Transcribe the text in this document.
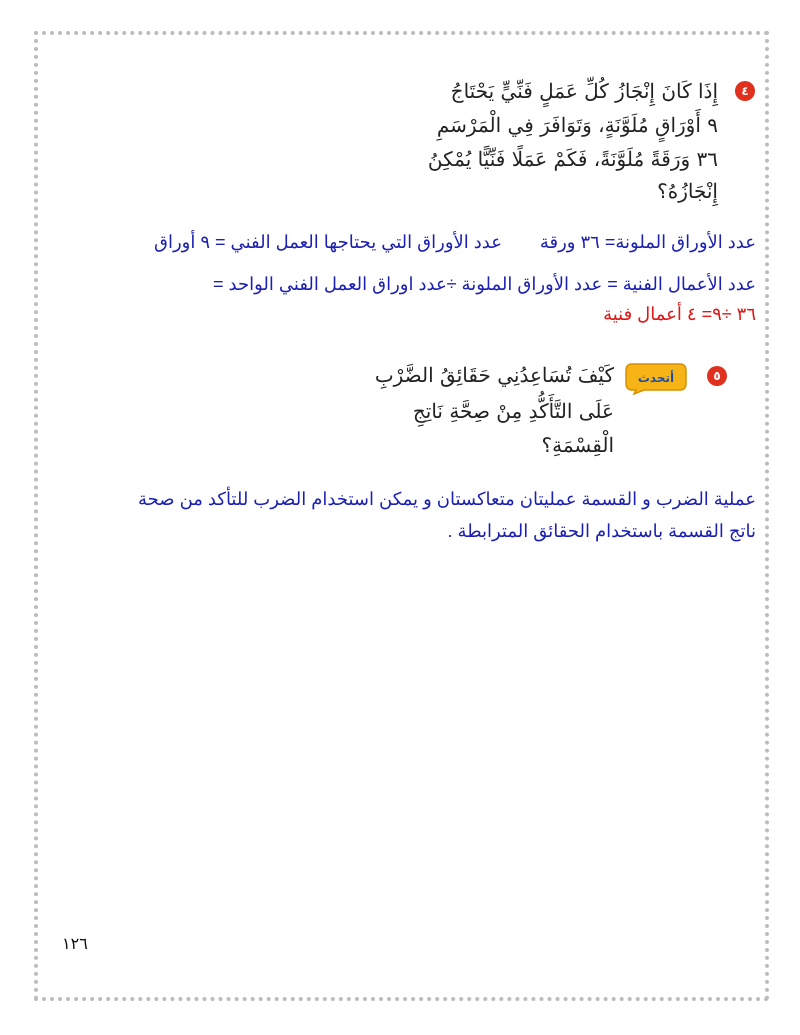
٤
إِذَا كَانَ إِنْجَازُ كُلِّ عَمَلٍ فَنِّيٍّ يَحْتَاجُ
٩ أَوْرَاقٍ مُلَوَّنَةٍ، وَتَوَافَرَ فِي الْمَرْسَمِ
٣٦ وَرَقَةً مُلَوَّنَةً، فَكَمْ عَمَلًا فَنِّيًّا يُمْكِنُ
إِنْجَازُهُ؟
عدد الأوراق الملونة= ٣٦ ورقة
عدد الأوراق التي يحتاجها العمل الفني = ٩ أوراق
عدد الأعمال الفنية = عدد الأوراق الملونة ÷عدد اوراق العمل الفني الواحد =
٣٦ ÷٩= ٤ أعمال فنية
٥
أتحدث
كَيْفَ تُسَاعِدُنِي حَقَائِقُ الضَّرْبِ
عَلَى التَّأَكُّدِ مِنْ صِحَّةِ نَاتِجِ
الْقِسْمَةِ؟
عملية الضرب و القسمة عمليتان متعاكستان و يمكن استخدام الضرب للتأكد من صحة
ناتج القسمة باستخدام الحقائق المترابطة .
١٢٦
